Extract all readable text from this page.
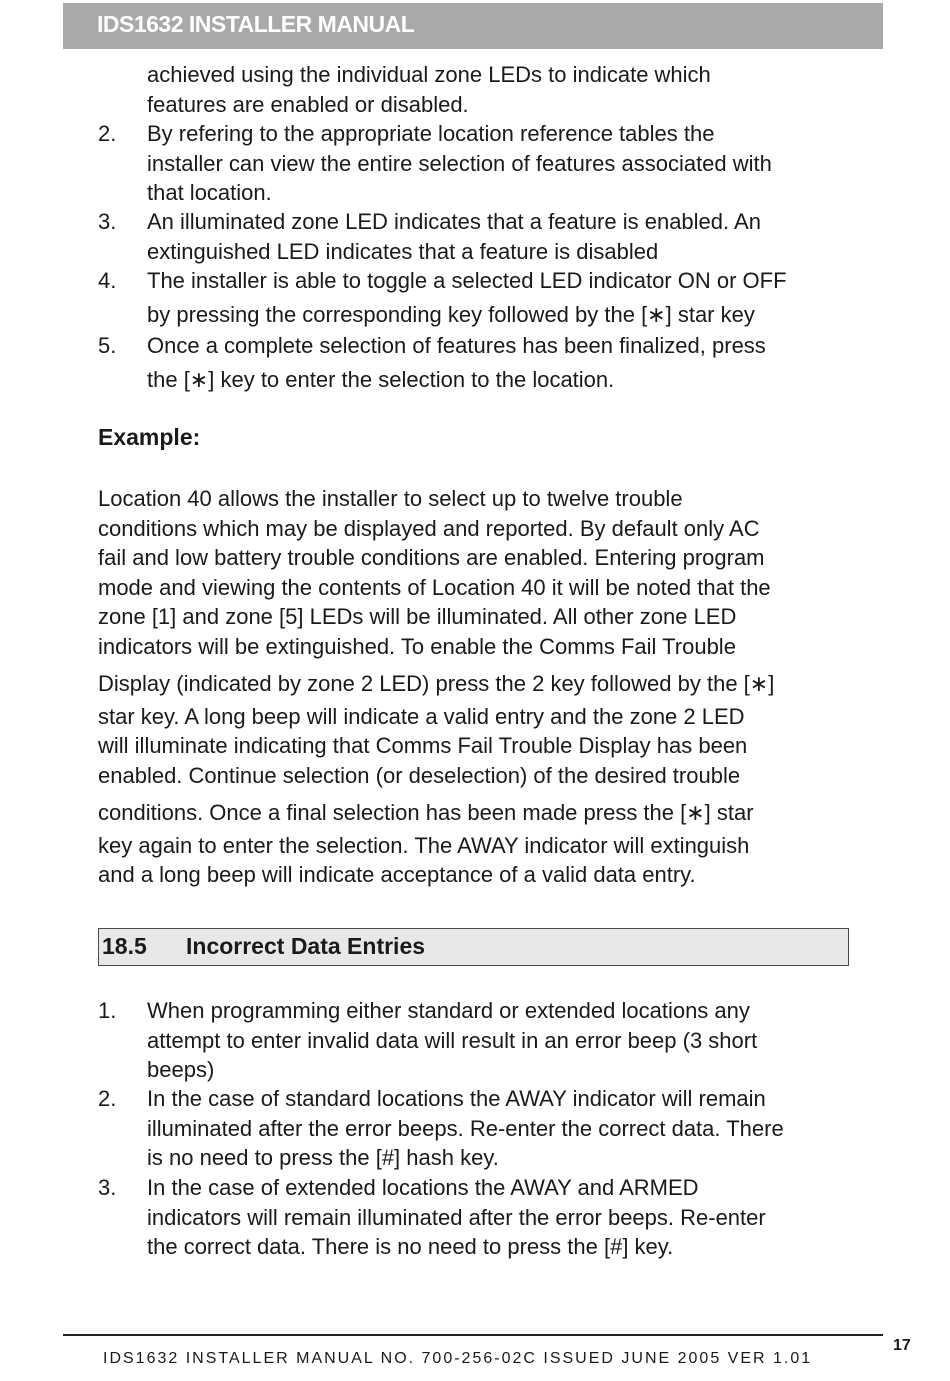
IDS1632 INSTALLER MANUAL
achieved using the individual zone LEDs to indicate which
features are enabled or disabled.
2. By refering to the appropriate location reference tables the
installer can view the entire selection of features associated with
that location.
3. An illuminated zone LED indicates that a feature is enabled. An
extinguished LED indicates that a feature is disabled
4. The installer is able to toggle a selected LED indicator ON or OFF
by pressing the corresponding key followed by the [∗] star key
5. Once a complete selection of features has been finalized, press
the [∗] key to enter the selection to the location.
Example:
Location 40 allows the installer to select up to twelve trouble
conditions which may be displayed and reported. By default only AC
fail and low battery trouble conditions are enabled. Entering program
mode and viewing the contents of Location 40 it will be noted that the
zone [1] and zone [5] LEDs will be illuminated. All other zone LED
indicators will be extinguished. To enable the Comms Fail Trouble
Display (indicated by zone 2 LED) press the 2 key followed by the [∗]
star key. A long beep will indicate a valid entry and the zone 2 LED
will illuminate indicating that Comms Fail Trouble Display has been
enabled. Continue selection (or deselection) of the desired trouble
conditions. Once a final selection has been made press the [∗] star
key again to enter the selection. The AWAY indicator will extinguish
and a long beep will indicate acceptance of a valid data entry.
18.5 Incorrect Data Entries
1. When programming either standard or extended locations any
attempt to enter invalid data will result in an error beep (3 short
beeps)
2. In the case of standard locations the AWAY indicator will remain
illuminated after the error beeps. Re-enter the correct data. There
is no need to press the [#] hash key.
3. In the case of extended locations the AWAY and ARMED
indicators will remain illuminated after the error beeps. Re-enter
the correct data. There is no need to press the [#] key.
17
IDS1632 INSTALLER MANUAL NO. 700-256-02C ISSUED JUNE 2005 VER 1.01
